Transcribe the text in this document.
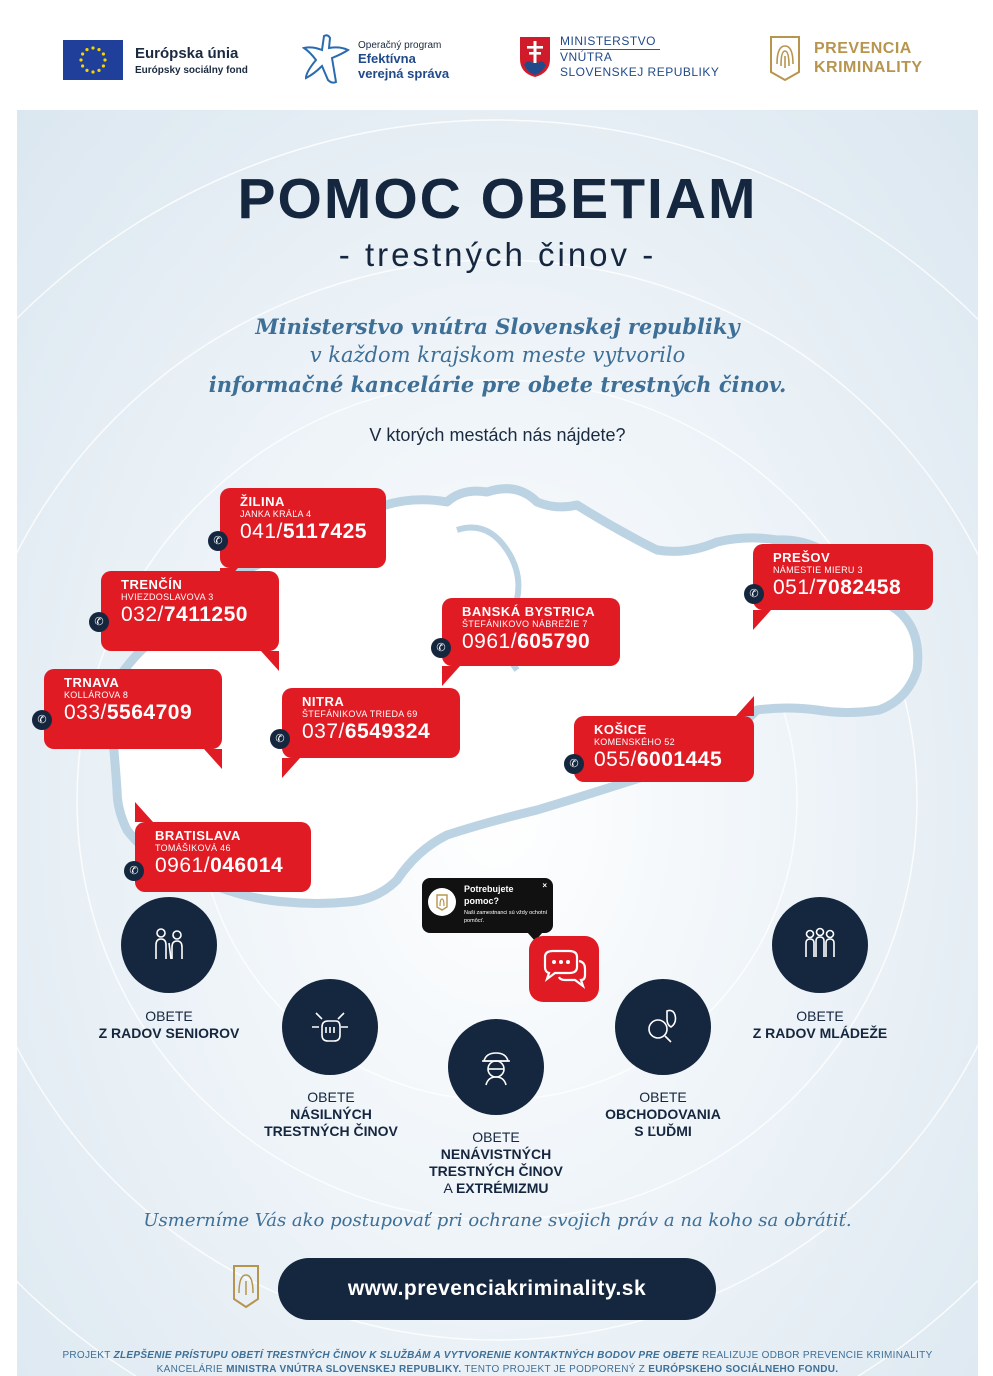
Európska únia
Európsky sociálny fond
Operačný program
Efektívna
verejná správa
MINISTERSTVO
VNÚTRA
SLOVENSKEJ REPUBLIKY
PREVENCIA
KRIMINALITY
POMOC OBETIAM
- trestných činov -
Ministerstvo vnútra Slovenskej republiky
v každom krajskom meste vytvorilo
informačné kancelárie pre obete trestných činov.
V ktorých mestách nás nájdete?
ŽILINA
JANKA KRÁĽA 4
041/5117425
✆
TRENČÍN
HVIEZDOSLAVOVA 3
032/7411250
✆
TRNAVA
KOLLÁROVA 8
033/5564709
✆
NITRA
ŠTEFÁNIKOVA TRIEDA 69
037/6549324
✆
BRATISLAVA
TOMÁŠIKOVÁ 46
0961/046014
✆
BANSKÁ BYSTRICA
ŠTEFÁNIKOVO NÁBREŽIE 7
0961/605790
✆
PREŠOV
NÁMESTIE MIERU 3
051/7082458
✆
KOŠICE
KOMENSKÉHO 52
055/6001445
✆
Potrebujete pomoc?
Naši zamestnanci sú vždy ochotní pomôcť.
×
OBETE
Z RADOV SENIOROV
OBETE
NÁSILNÝCH
TRESTNÝCH ČINOV	OBETE
NENÁVISTNÝCH
TRESTNÝCH ČINOV
A EXTRÉMIZMU
OBETE
OBCHODOVANIA
S ĽUĎMI
OBETE
Z RADOV MLÁDEŽE
Usmerníme Vás ako postupovať pri ochrane svojich práv a na koho sa obrátiť.
www.prevenciakriminality.sk
PROJEKT ZLEPŠENIE PRÍSTUPU OBETÍ TRESTNÝCH ČINOV K SLUŽBÁM A VYTVORENIE KONTAKTNÝCH BODOV PRE OBETE REALIZUJE ODBOR PREVENCIE KRIMINALITY
KANCELÁRIE MINISTRA VNÚTRA SLOVENSKEJ REPUBLIKY. TENTO PROJEKT JE PODPORENÝ Z EURÓPSKEHO SOCIÁLNEHO FONDU.
